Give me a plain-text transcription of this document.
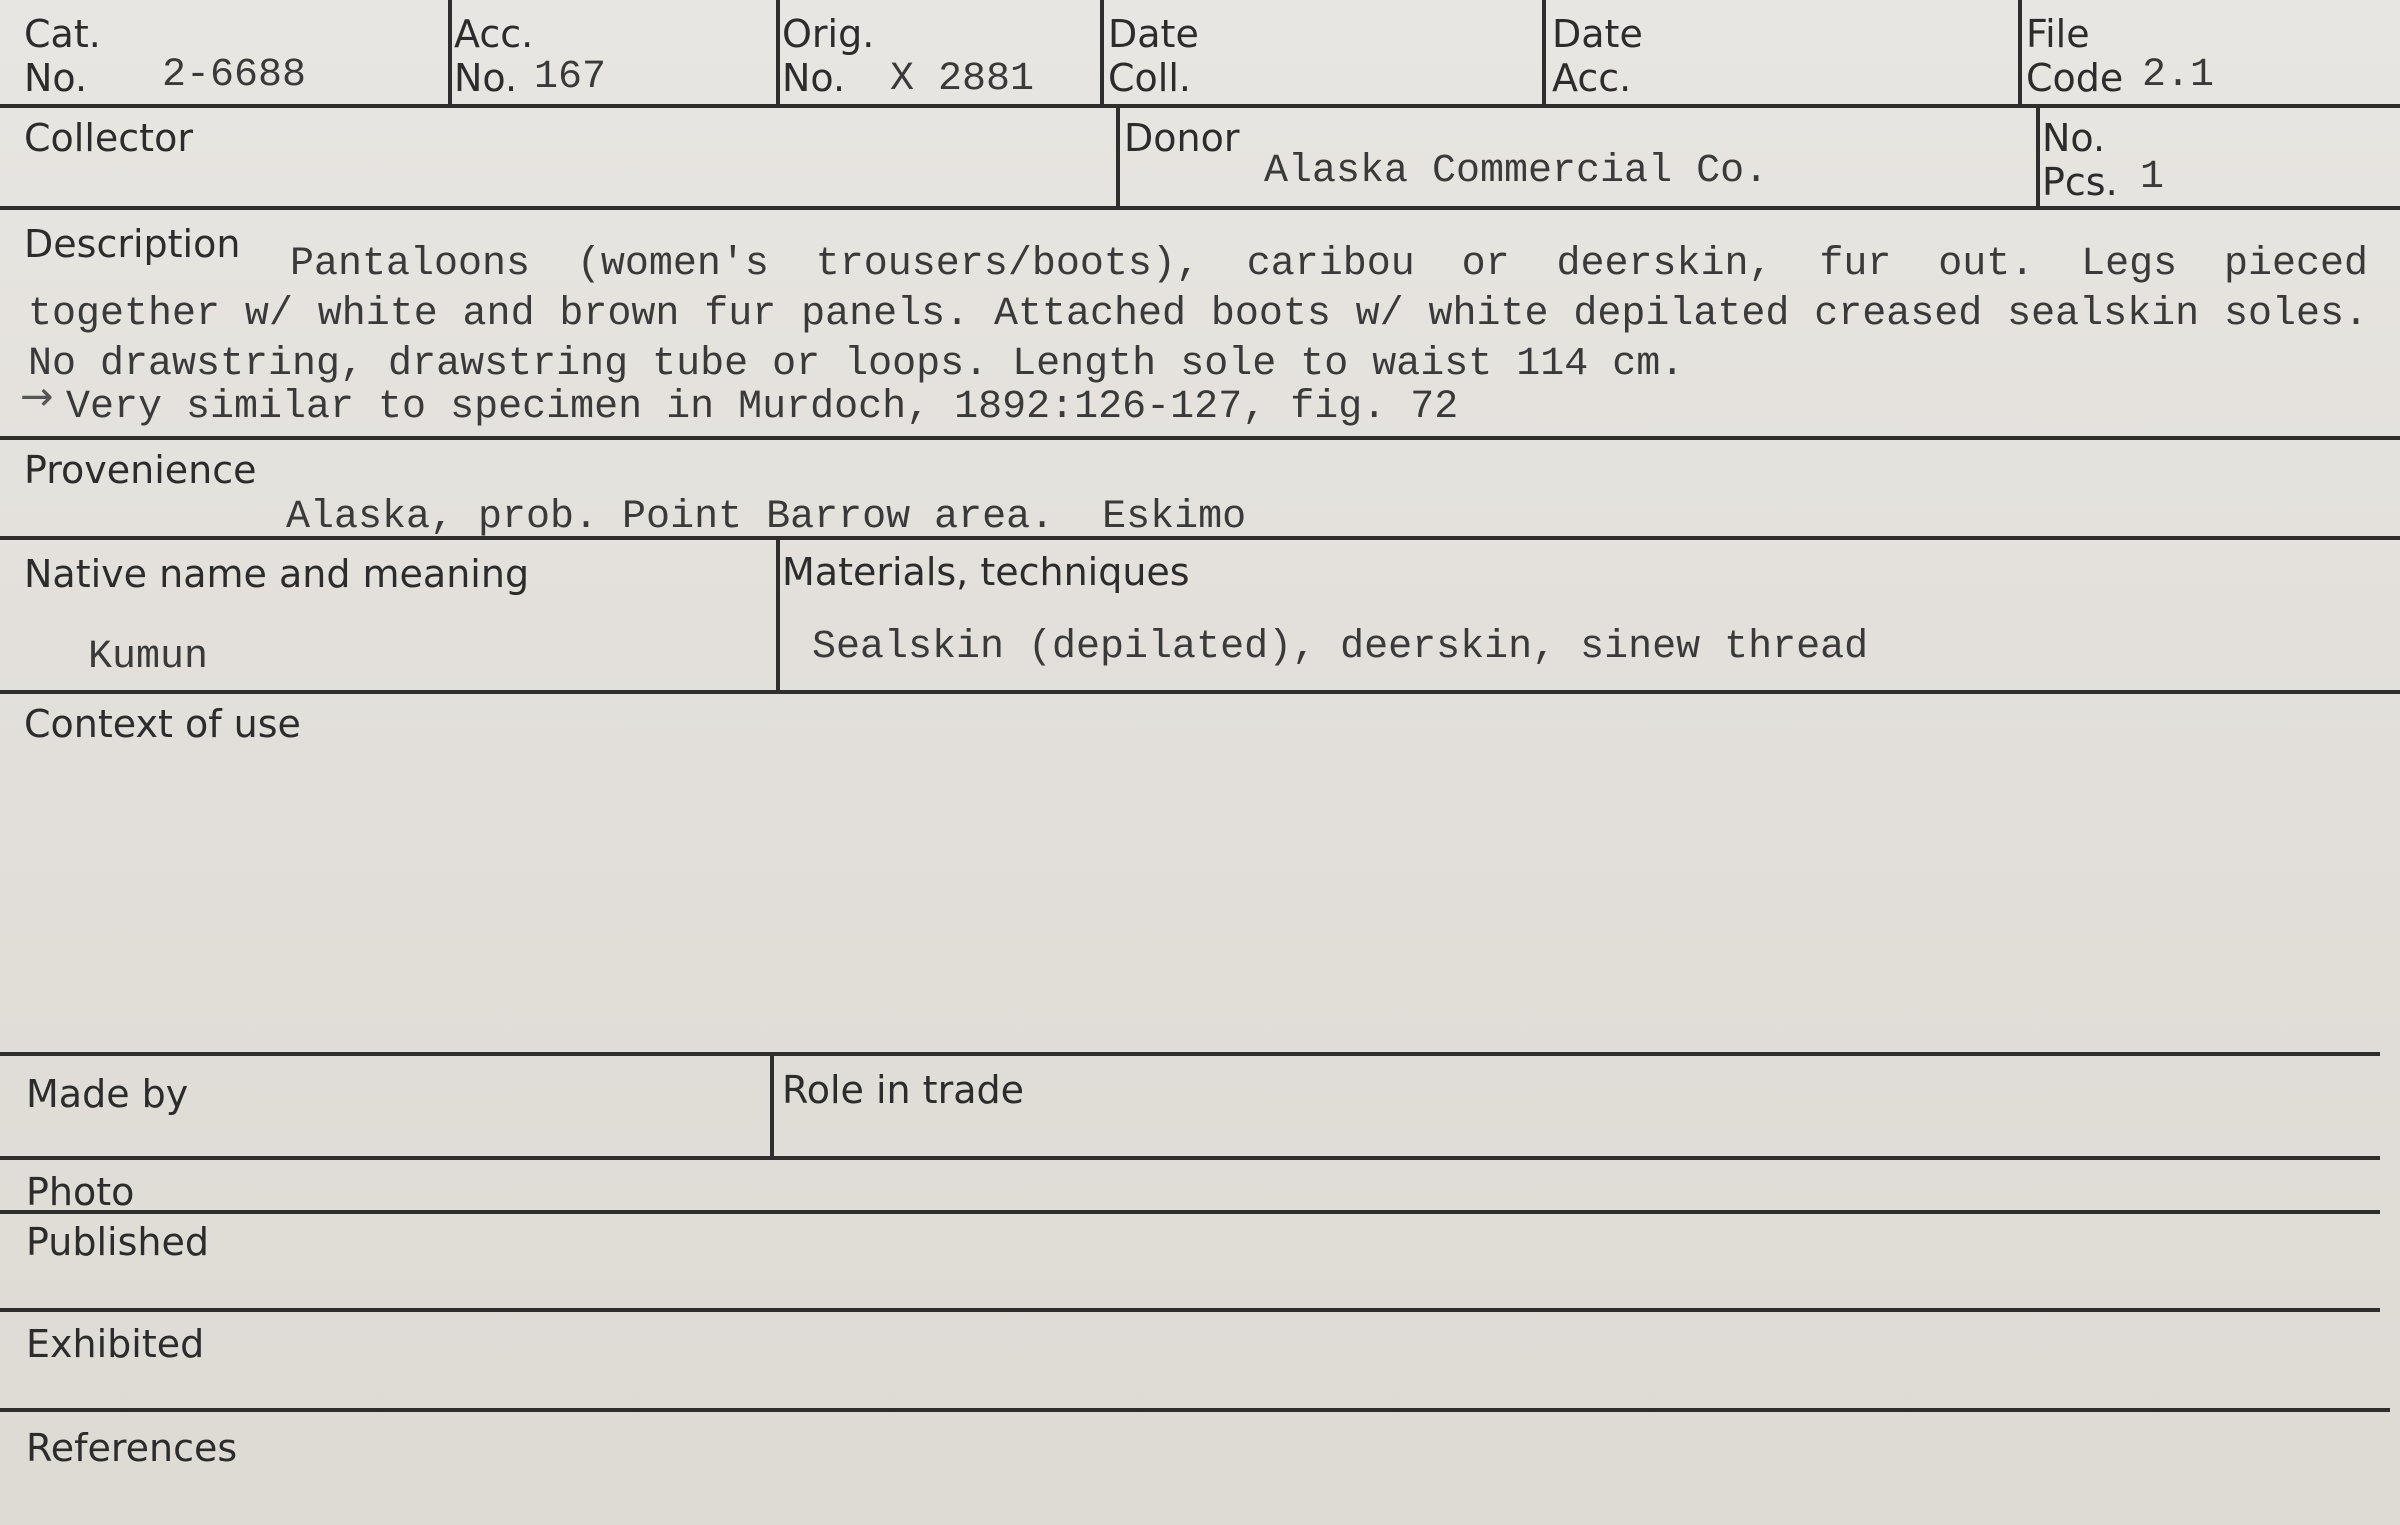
Cat.
No.	2-6688
Acc.
No. 167
Orig.
No.	X 2881
Date
Coll.
Date
Acc.
File
Code 2.1
Collector	Donor
Alaska Commercial Co.
No.
Pcs. 1
Description	Pantaloons (women's trousers/boots), caribou or deerskin, fur out. Legs pieced together w/ white and brown fur panels. Attached boots w/ white depilated creased sealskin soles. No drawstring, drawstring tube or loops. Length sole to waist 114 cm.
→ Very similar to specimen in Murdoch, 1892:126-127, fig. 72
Provenience
Alaska, prob. Point Barrow area.  Eskimo
Native name and meaning
Kumun
Materials, techniques
Sealskin (depilated), deerskin, sinew thread
Context of use
Made by	Role in trade
Photo
Published
Exhibited
References
